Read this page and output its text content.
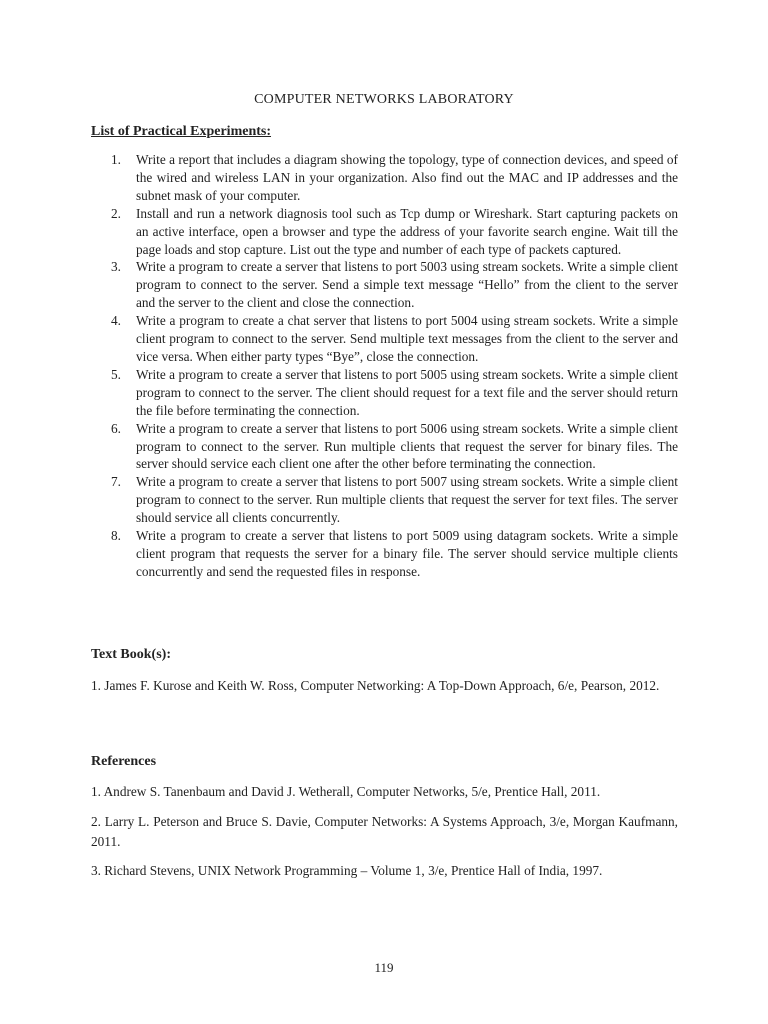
COMPUTER NETWORKS LABORATORY
List of Practical Experiments:
1.	Write a report that includes a diagram showing the topology, type of connection devices, and speed of the wired and wireless LAN in your organization. Also find out the MAC and IP addresses and the subnet mask of your computer.
2.	Install and run a network diagnosis tool such as Tcp dump or Wireshark. Start capturing packets on an active interface, open a browser and type the address of your favorite search engine. Wait till the page loads and stop capture. List out the type and number of each type of packets captured.
3.	Write a program to create a server that listens to port 5003 using stream sockets. Write a simple client program to connect to the server. Send a simple text message “Hello” from the client to the server and the server to the client and close the connection.
4.	Write a program to create a chat server that listens to port 5004 using stream sockets. Write a simple client program to connect to the server. Send multiple text messages from the client to the server and vice versa. When either party types “Bye”, close the connection.
5.	Write a program to create a server that listens to port 5005 using stream sockets. Write a simple client program to connect to the server. The client should request for a text file and the server should return the file before terminating the connection.
6.	Write a program to create a server that listens to port 5006 using stream sockets. Write a simple client program to connect to the server. Run multiple clients that request the server for binary files. The server should service each client one after the other before terminating the connection.
7.	Write a program to create a server that listens to port 5007 using stream sockets. Write a simple client program to connect to the server. Run multiple clients that request the server for text files. The server should service all clients concurrently.
8.	Write a program to create a server that listens to port 5009 using datagram sockets. Write a simple client program that requests the server for a binary file. The server should service multiple clients concurrently and send the requested files in response.
Text Book(s):
1. James F. Kurose and Keith W. Ross, Computer Networking: A Top-Down Approach, 6/e, Pearson, 2012.
References
1. Andrew S. Tanenbaum and David J. Wetherall, Computer Networks, 5/e, Prentice Hall, 2011.
2. Larry L. Peterson and Bruce S. Davie, Computer Networks: A Systems Approach, 3/e, Morgan Kaufmann, 2011.
3. Richard Stevens, UNIX Network Programming – Volume 1, 3/e, Prentice Hall of India, 1997.
119
